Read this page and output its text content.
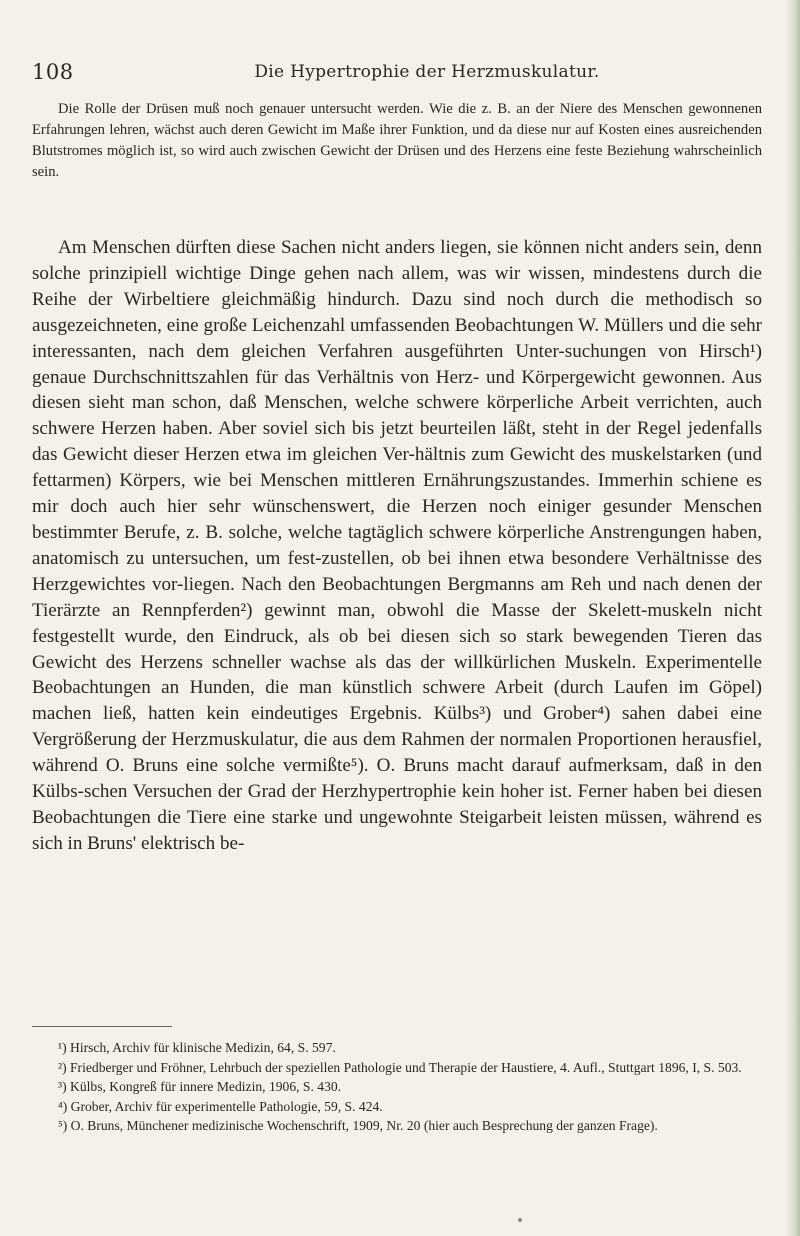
108	Die Hypertrophie der Herzmuskulatur.
Die Rolle der Drüsen muß noch genauer untersucht werden. Wie die z. B. an der Niere des Menschen gewonnenen Erfahrungen lehren, wächst auch deren Gewicht im Maße ihrer Funktion, und da diese nur auf Kosten eines ausreichenden Blutstromes möglich ist, so wird auch zwischen Gewicht der Drüsen und des Herzens eine feste Beziehung wahrscheinlich sein.

Am Menschen dürften diese Sachen nicht anders liegen, sie können nicht anders sein, denn solche prinzipiell wichtige Dinge gehen nach allem, was wir wissen, mindestens durch die Reihe der Wirbeltiere gleichmäßig hindurch. Dazu sind noch durch die methodisch so ausgezeichneten, eine große Leichenzahl umfassenden Beobachtungen W. Müllers und die sehr interessanten, nach dem gleichen Verfahren ausgeführten Unter-suchungen von Hirsch¹) genaue Durchschnittszahlen für das Verhältnis von Herz- und Körpergewicht gewonnen. Aus diesen sieht man schon, daß Menschen, welche schwere körperliche Arbeit verrichten, auch schwere Herzen haben. Aber soviel sich bis jetzt beurteilen läßt, steht in der Regel jedenfalls das Gewicht dieser Herzen etwa im gleichen Ver-hältnis zum Gewicht des muskelstarken (und fettarmen) Körpers, wie bei Menschen mittleren Ernährungszustandes. Immerhin schiene es mir doch auch hier sehr wünschenswert, die Herzen noch einiger gesunder Menschen bestimmter Berufe, z. B. solche, welche tagtäglich schwere körperliche Anstrengungen haben, anatomisch zu untersuchen, um fest-zustellen, ob bei ihnen etwa besondere Verhältnisse des Herzgewichtes vor-liegen. Nach den Beobachtungen Bergmanns am Reh und nach denen der Tierärzte an Rennpferden²) gewinnt man, obwohl die Masse der Skelett-muskeln nicht festgestellt wurde, den Eindruck, als ob bei diesen sich so stark bewegenden Tieren das Gewicht des Herzens schneller wachse als das der willkürlichen Muskeln. Experimentelle Beobachtungen an Hunden, die man künstlich schwere Arbeit (durch Laufen im Göpel) machen ließ, hatten kein eindeutiges Ergebnis. Külbs³) und Grober⁴) sahen dabei eine Vergrößerung der Herzmuskulatur, die aus dem Rahmen der normalen Proportionen herausfiel, während O. Bruns eine solche vermißte⁵). O. Bruns macht darauf aufmerksam, daß in den Külbs-schen Versuchen der Grad der Herzhypertrophie kein hoher ist. Ferner haben bei diesen Beobachtungen die Tiere eine starke und ungewohnte Steigarbeit leisten müssen, während es sich in Bruns' elektrisch be-

¹) Hirsch, Archiv für klinische Medizin, 64, S. 597.
²) Friedberger und Fröhner, Lehrbuch der speziellen Pathologie und Therapie der Haustiere, 4. Aufl., Stuttgart 1896, I, S. 503.
³) Külbs, Kongreß für innere Medizin, 1906, S. 430.
⁴) Grober, Archiv für experimentelle Pathologie, 59, S. 424.
⁵) O. Bruns, Münchener medizinische Wochenschrift, 1909, Nr. 20 (hier auch Besprechung der ganzen Frage).
